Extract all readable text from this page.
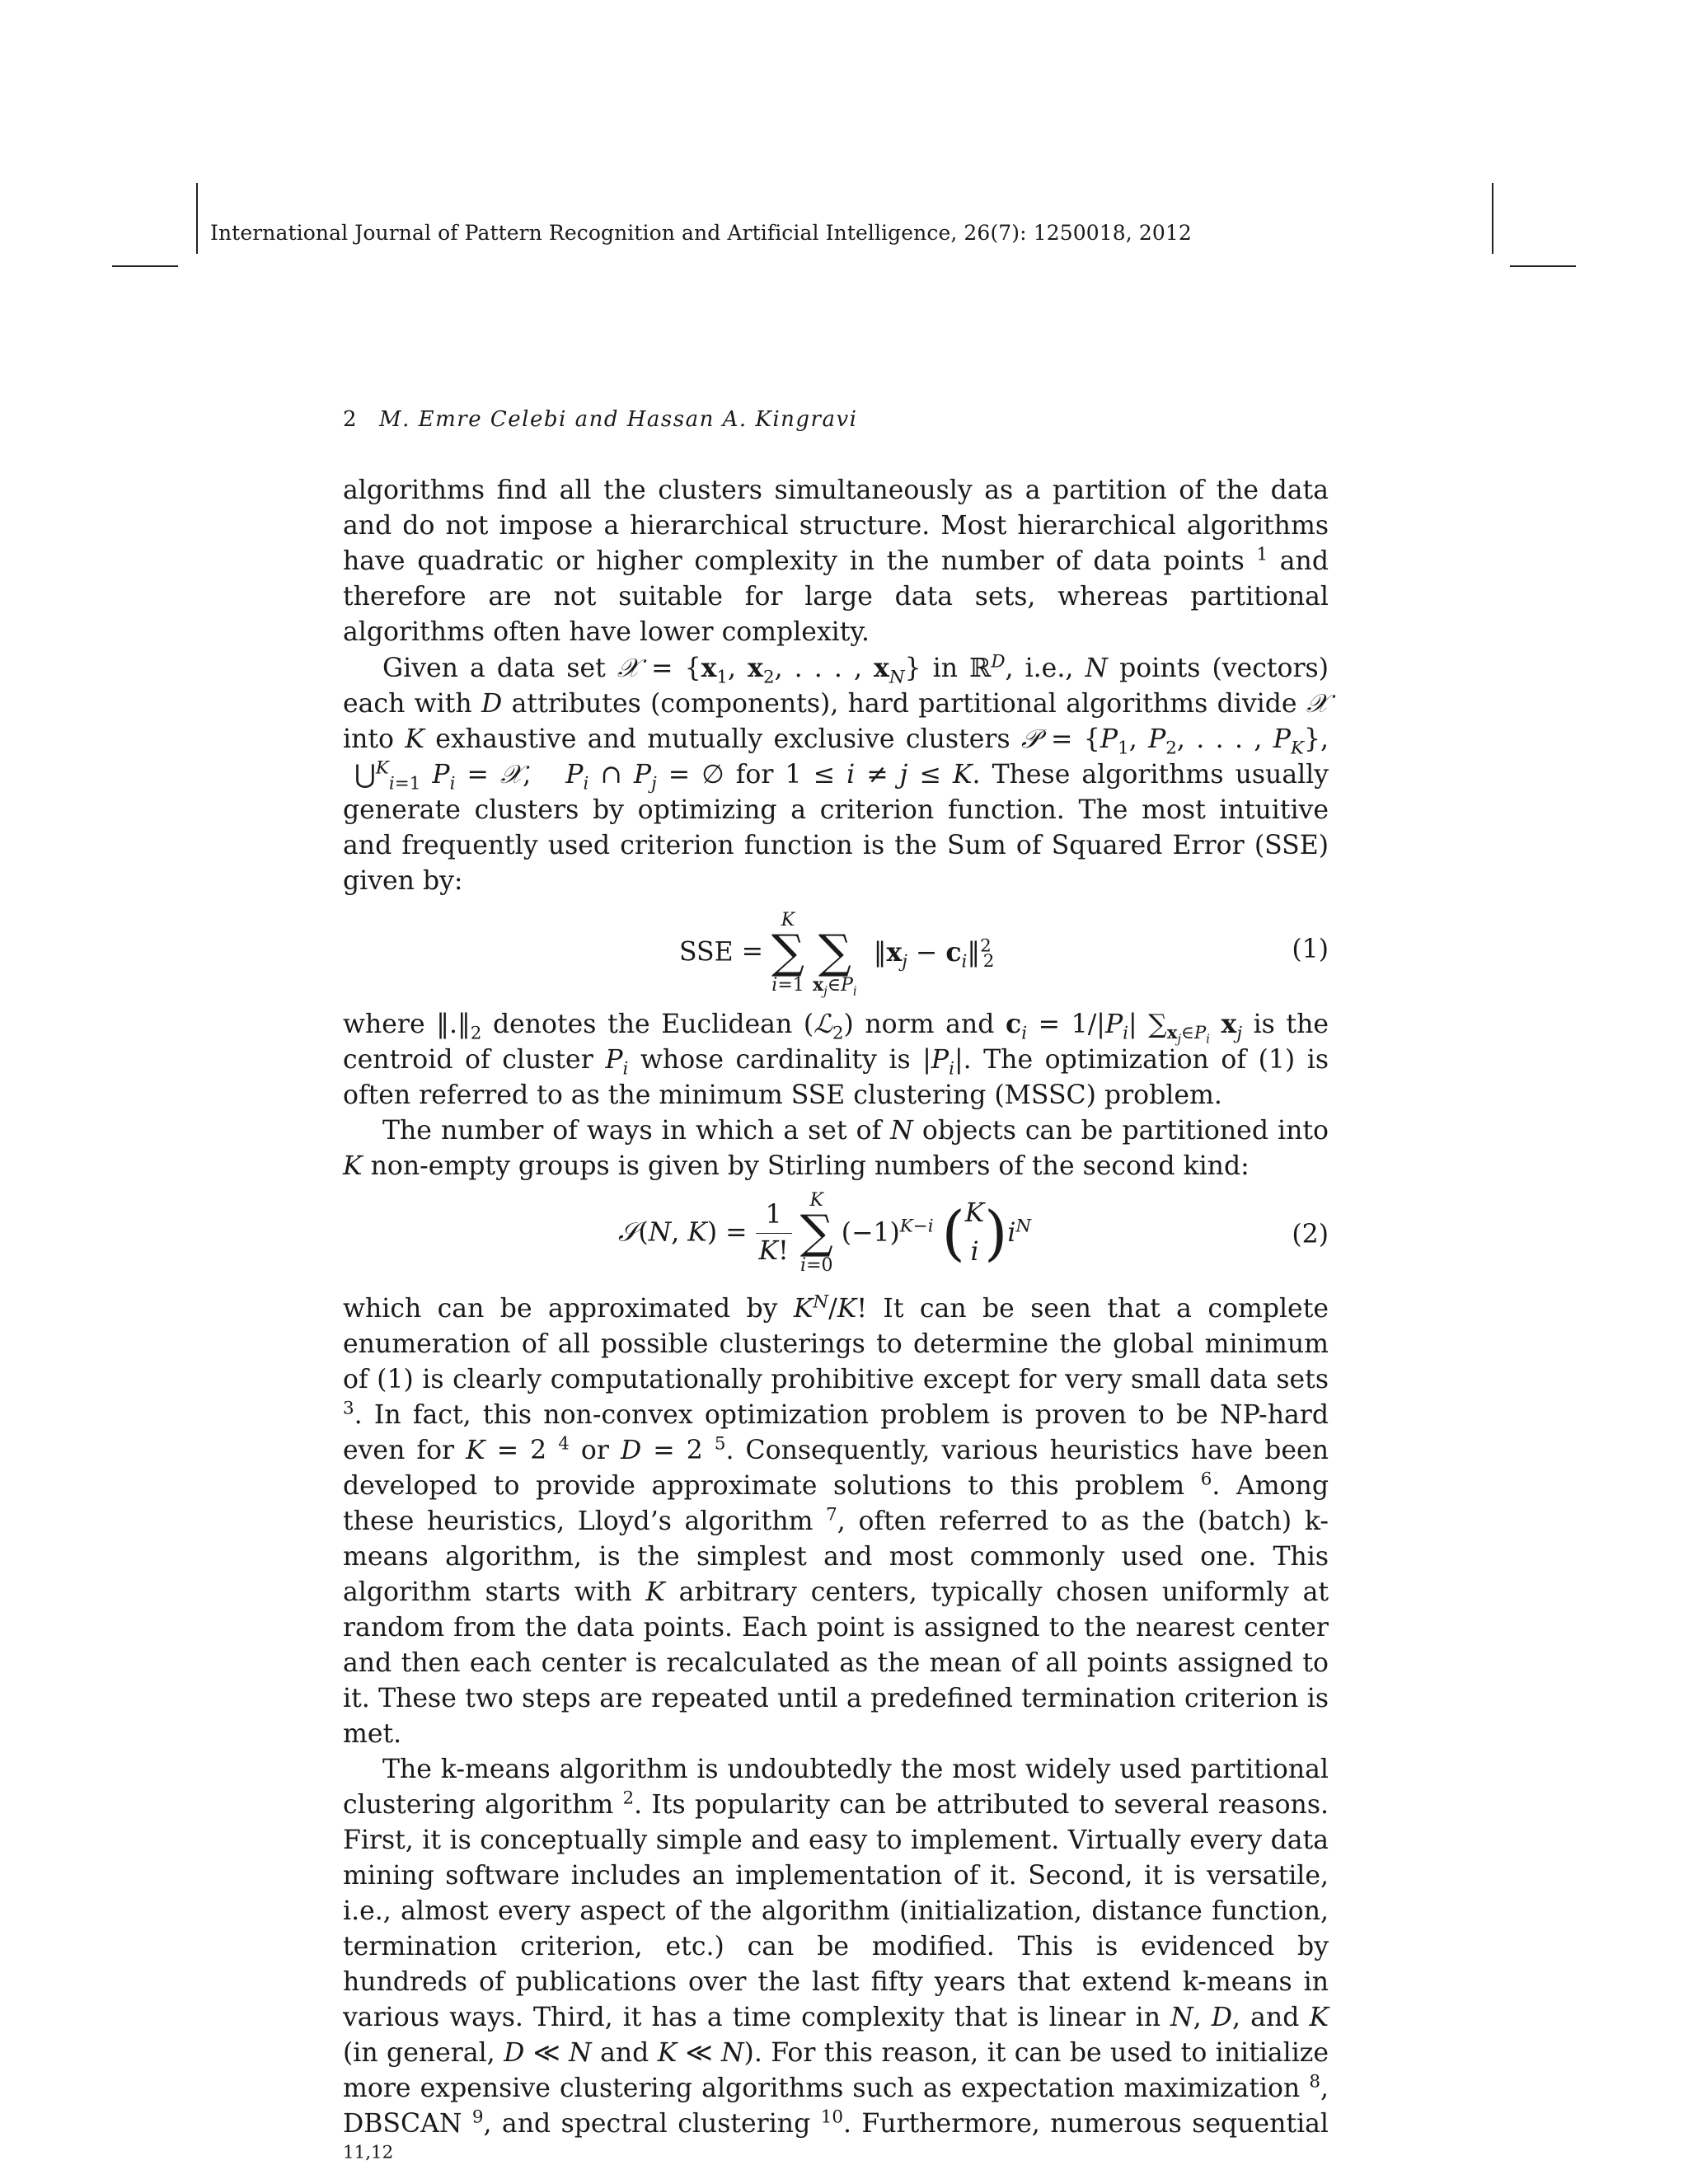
International Journal of Pattern Recognition and Artificial Intelligence, 26(7): 1250018, 2012
2 M. Emre Celebi and Hassan A. Kingravi

algorithms find all the clusters simultaneously as a partition of the data and do not impose a hierarchical structure. Most hierarchical algorithms have quadratic or higher complexity in the number of data points $^1$ and therefore are not suitable for large data sets, whereas partitional algorithms often have lower complexity.

Given a data set 𝒳 = {$x_1$, $x_2$, . . . , $x_N$} in ℝ$^D$, i.e., N points (vectors) each with D attributes (components), hard partitional algorithms divide 𝒳 into K exhaustive and mutually exclusive clusters 𝒫 = {$P_1$, $P_2$, . . . , $P_K$},  ⋃$^K_{i=1}$ $P_i$ = 𝒳,   $P_i$ ∩ $P_j$ = ∅ for 1 ≤ i ≠ j ≤ K. These algorithms usually generate clusters by optimizing a criterion function. The most intuitive and frequently used criterion function is the Sum of Squared Error (SSE) given by:

SSE =
K
∑
i=1

∑
$x_j\in P_i$
$‖x_j$ − $c_i‖^2_2$	(1)

where $‖.‖_2$ denotes the Euclidean (ℒ$_2$) norm and $c_i = 1/|P_i|$ $\sum_{x_j\in P_i}$ $x_j$ is the centroid of cluster $P_i$ whose cardinality is $|P_i|$. The optimization of (1) is often referred to as the minimum SSE clustering (MSSC) problem.

The number of ways in which a set of N objects can be partitioned into K non-empty groups is given by Stirling numbers of the second kind:

𝒮(N, $K) = \frac{1}{K!}$
K
∑
i=0
$(-1)^{K-i}$ (K
$i)i^N$	(2)

which can be approximated by $K^N/K$! It can be seen that a complete enumeration of all possible clusterings to determine the global minimum of (1) is clearly computationally prohibitive except for very small data sets $^3$. In fact, this non-convex optimization problem is proven to be NP-hard even for K = 2 $^4$ or D = 2 $^5$. Consequently, various heuristics have been developed to provide approximate solutions to this problem $^6$. Among these heuristics, Lloyd’s algorithm $^7$, often referred to as the (batch) k-means algorithm, is the simplest and most commonly used one. This algorithm starts with K arbitrary centers, typically chosen uniformly at random from the data points. Each point is assigned to the nearest center and then each center is recalculated as the mean of all points assigned to it. These two steps are repeated until a predefined termination criterion is met.

The k-means algorithm is undoubtedly the most widely used partitional clustering algorithm $^2$. Its popularity can be attributed to several reasons. First, it is conceptually simple and easy to implement. Virtually every data mining software includes an implementation of it. Second, it is versatile, i.e., almost every aspect of the algorithm (initialization, distance function, termination criterion, etc.) can be modified. This is evidenced by hundreds of publications over the last fifty years that extend k-means in various ways. Third, it has a time complexity that is linear in N, D, and K (in general, D ≪ N and K ≪ N). For this reason, it can be used to initialize more expensive clustering algorithms such as expectation maximization $^8$, DBSCAN $^9$, and spectral clustering $^{10}$. Furthermore, numerous sequential $^{11,12}$
